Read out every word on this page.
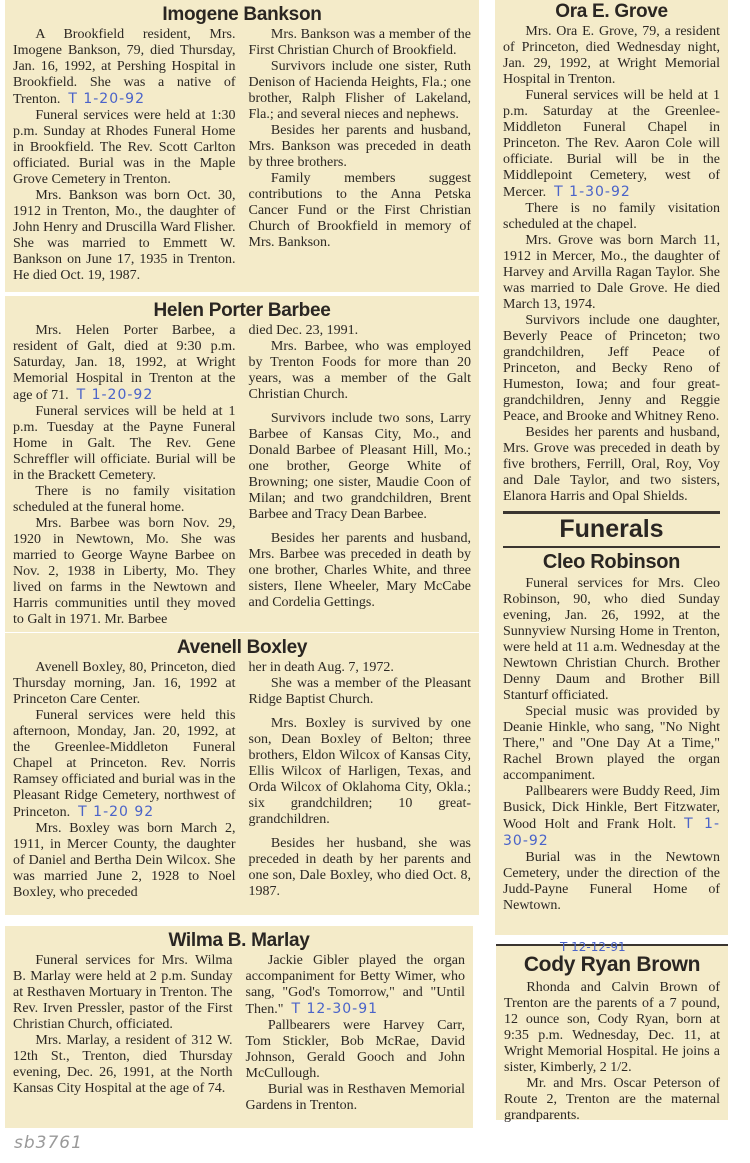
Ora E. Grove

Mrs. Ora E. Grove, 79, a resident of Princeton, died Wednesday night, Jan. 29, 1992, at Wright Memorial Hospital in Trenton.

Funeral services will be held at 1 p.m. Saturday at the Greenlee-Middleton Funeral Chapel in Princeton. The Rev. Aaron Cole will officiate. Burial will be in the Middlepoint Cemetery, west of Mercer. T 1-30-92

There is no family visitation scheduled at the chapel.

Mrs. Grove was born March 11, 1912 in Mercer, Mo., the daughter of Harvey and Arvilla Ragan Taylor. She was married to Dale Grove. He died March 13, 1974.

Survivors include one daughter, Beverly Peace of Princeton; two grandchildren, Jeff Peace of Princeton, and Becky Reno of Humeston, Iowa; and four great-grandchildren, Jenny and Reggie Peace, and Brooke and Whitney Reno.

Besides her parents and husband, Mrs. Grove was preceded in death by five brothers, Ferrill, Oral, Roy, Voy and Dale Taylor, and two sisters, Elanora Harris and Opal Shields.

Funerals
Cleo Robinson

Funeral services for Mrs. Cleo Robinson, 90, who died Sunday evening, Jan. 26, 1992, at the Sunnyview Nursing Home in Trenton, were held at 11 a.m. Wednesday at the Newtown Christian Church. Brother Denny Daum and Brother Bill Stanturf officiated.

Special music was provided by Deanie Hinkle, who sang, "No Night There," and "One Day At a Time," Rachel Brown played the organ accompaniment.

Pallbearers were Buddy Reed, Jim Busick, Dick Hinkle, Bert Fitzwater, Wood Holt and Frank Holt. T 1-30-92

Burial was in the Newtown Cemetery, under the direction of the Judd-Payne Funeral Home of Newtown.

T 12-12-91
Cody Ryan Brown

Rhonda and Calvin Brown of Trenton are the parents of a 7 pound, 12 ounce son, Cody Ryan, born at 9:35 p.m. Wednesday, Dec. 11, at Wright Memorial Hospital. He joins a sister, Kimberly, 2 1/2.

Mr. and Mrs. Oscar Peterson of Route 2, Trenton are the maternal grandparents.

sb3761
Imogene Bankson

A Brookfield resident, Mrs. Imogene Bankson, 79, died Thursday, Jan. 16, 1992, at Pershing Hospital in Brookfield. She was a native of Trenton. T 1-20-92

Funeral services were held at 1:30 p.m. Sunday at Rhodes Funeral Home in Brookfield. The Rev. Scott Carlton officiated. Burial was in the Maple Grove Cemetery in Trenton.

Mrs. Bankson was born Oct. 30, 1912 in Trenton, Mo., the daughter of John Henry and Druscilla Ward Flisher. She was married to Emmett W. Bankson on June 17, 1935 in Trenton. He died Oct. 19, 1987.

Mrs. Bankson was a member of the First Christian Church of Brookfield.

Survivors include one sister, Ruth Denison of Hacienda Heights, Fla.; one brother, Ralph Flisher of Lakeland, Fla.; and several nieces and nephews.

Besides her parents and husband, Mrs. Bankson was preceded in death by three brothers.

Family members suggest contributions to the Anna Petska Cancer Fund or the First Christian Church of Brookfield in memory of Mrs. Bankson.

Helen Porter Barbee

Mrs. Helen Porter Barbee, a resident of Galt, died at 9:30 p.m. Saturday, Jan. 18, 1992, at Wright Memorial Hospital in Trenton at the age of 71. T 1-20-92

Funeral services will be held at 1 p.m. Tuesday at the Payne Funeral Home in Galt. The Rev. Gene Schreffler will officiate. Burial will be in the Brackett Cemetery.

There is no family visitation scheduled at the funeral home.

Mrs. Barbee was born Nov. 29, 1920 in Newtown, Mo. She was married to George Wayne Barbee on Nov. 2, 1938 in Liberty, Mo. They lived on farms in the Newtown and Harris communities until they moved to Galt in 1971. Mr. Barbee

died Dec. 23, 1991.

Mrs. Barbee, who was employed by Trenton Foods for more than 20 years, was a member of the Galt Christian Church.

Survivors include two sons, Larry Barbee of Kansas City, Mo., and Donald Barbee of Pleasant Hill, Mo.; one brother, George White of Browning; one sister, Maudie Coon of Milan; and two grandchildren, Brent Barbee and Tracy Dean Barbee.

Besides her parents and husband, Mrs. Barbee was preceded in death by one brother, Charles White, and three sisters, Ilene Wheeler, Mary McCabe and Cordelia Gettings.

Avenell Boxley

Avenell Boxley, 80, Princeton, died Thursday morning, Jan. 16, 1992 at Princeton Care Center.

Funeral services were held this afternoon, Monday, Jan. 20, 1992, at the Greenlee-Middleton Funeral Chapel at Princeton. Rev. Norris Ramsey officiated and burial was in the Pleasant Ridge Cemetery, northwest of Princeton. T 1-20 92

Mrs. Boxley was born March 2, 1911, in Mercer County, the daughter of Daniel and Bertha Dein Wilcox. She was married June 2, 1928 to Noel Boxley, who preceded

her in death Aug. 7, 1972.

She was a member of the Pleasant Ridge Baptist Church.

Mrs. Boxley is survived by one son, Dean Boxley of Belton; three brothers, Eldon Wilcox of Kansas City, Ellis Wilcox of Harligen, Texas, and Orda Wilcox of Oklahoma City, Okla.; six grandchildren; 10 great-grandchildren.

Besides her husband, she was preceded in death by her parents and one son, Dale Boxley, who died Oct. 8, 1987.

Wilma B. Marlay

Funeral services for Mrs. Wilma B. Marlay were held at 2 p.m. Sunday at Resthaven Mortuary in Trenton. The Rev. Irven Pressler, pastor of the First Christian Church, officiated.

Mrs. Marlay, a resident of 312 W. 12th St., Trenton, died Thursday evening, Dec. 26, 1991, at the North Kansas City Hospital at the age of 74.

Jackie Gibler played the organ accompaniment for Betty Wimer, who sang, "God's Tomorrow," and "Until Then." T 12-30-91

Pallbearers were Harvey Carr, Tom Stickler, Bob McRae, David Johnson, Gerald Gooch and John McCullough.

Burial was in Resthaven Memorial Gardens in Trenton.
